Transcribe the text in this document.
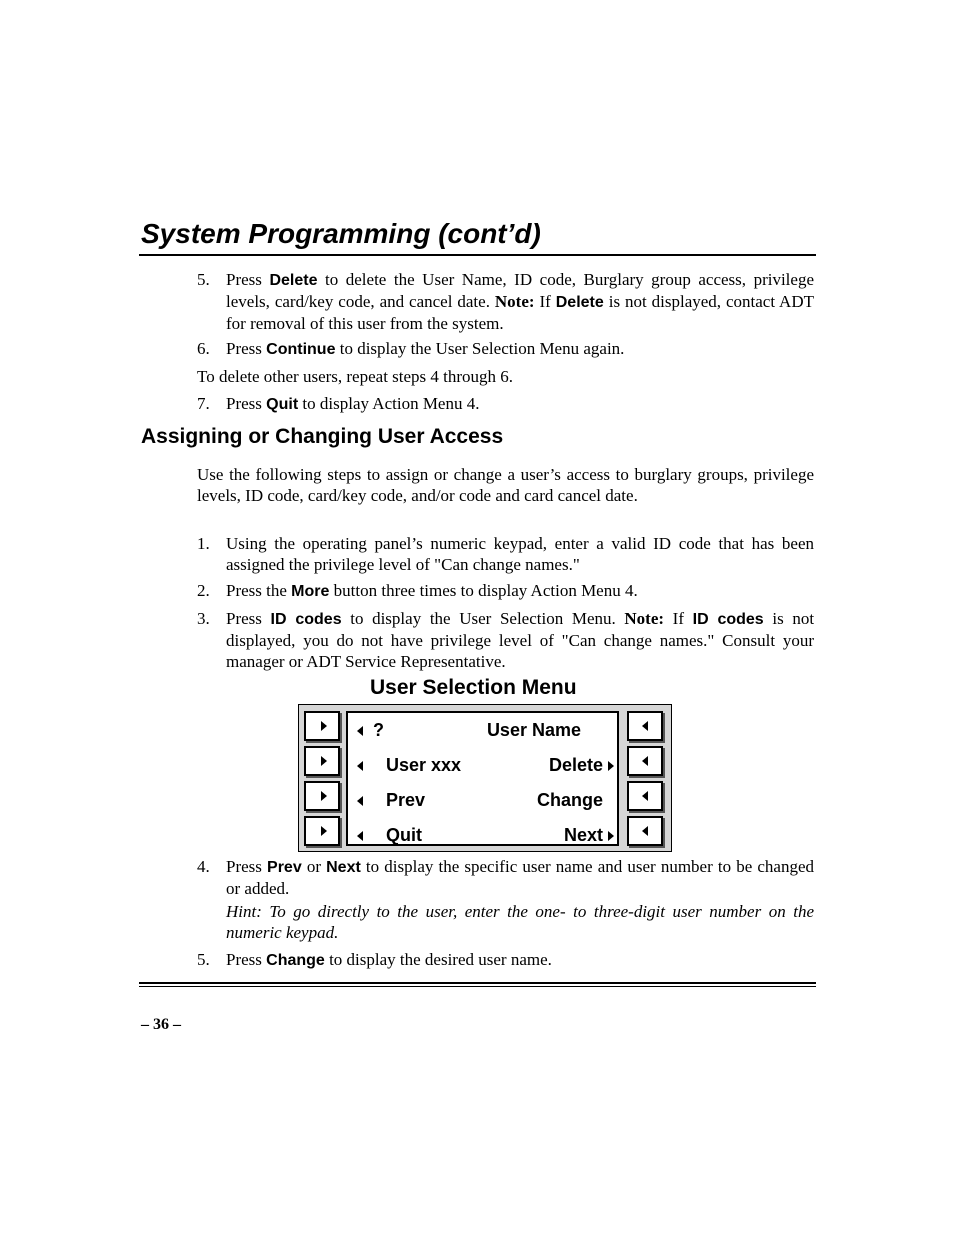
System Programming (cont’d)
5. Press Delete to delete the User Name, ID code, Burglary group access, privilege levels, card/key code, and cancel date. Note: If Delete is not displayed, contact ADT for removal of this user from the system.
6. Press Continue to display the User Selection Menu again.

To delete other users, repeat steps 4 through 6.

7. Press Quit to display Action Menu 4.
Assigning or Changing User Access

Use the following steps to assign or change a user’s access to burglary groups, privilege levels, ID code, card/key code, and/or code and card cancel date.

1. Using the operating panel’s numeric keypad, enter a valid ID code that has been assigned the privilege level of "Can change names."
2. Press the More button three times to display Action Menu 4.
3. Press ID codes to display the User Selection Menu. Note: If ID codes is not displayed, you do not have privilege level of "Can change names." Consult your manager or ADT Service Representative.
User Selection Menu
?	User Name
User xxx	Delete
Prev	Change
Quit	Next
4. Press Prev or Next to display the specific user name and user number to be changed or added.

Hint: To go directly to the user, enter the one- to three-digit user number on the numeric keypad.

5. Press Change to display the desired user name.
– 36 –
